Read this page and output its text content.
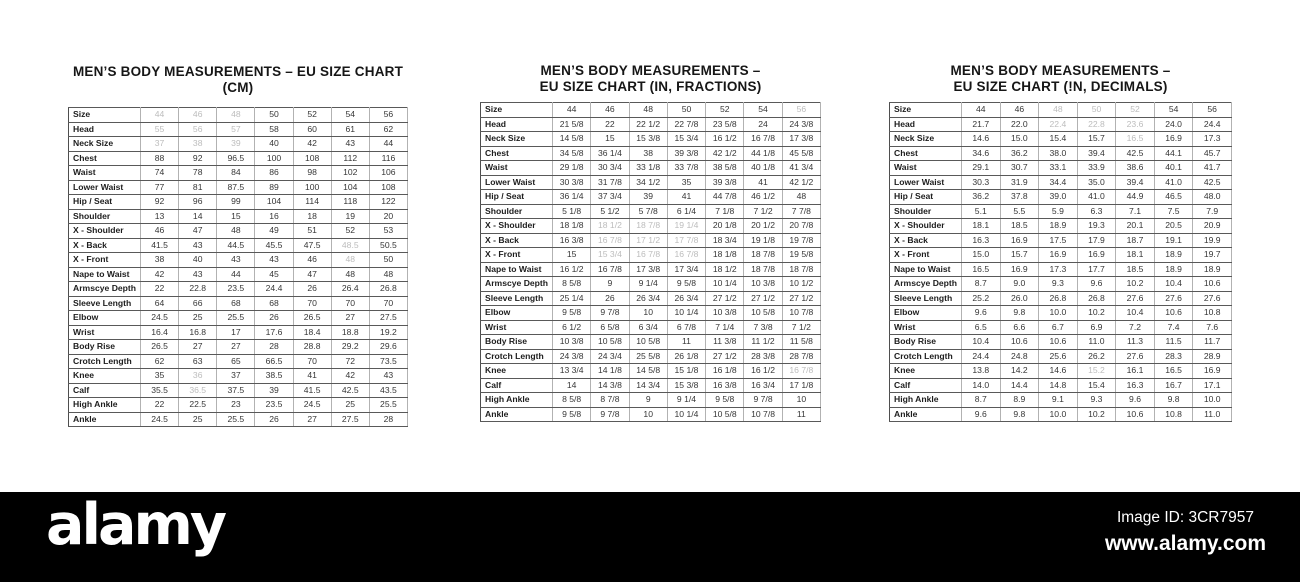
MEN’S BODY MEASUREMENTS – EU SIZE CHART (CM)
Size	44	46	48	50	52	54	56
Head	55	56	57	58	60	61	62
Neck Size	37	38	39	40	42	43	44
Chest	88	92	96.5	100	108	112	116
Waist	74	78	84	86	98	102	106
Lower Waist	77	81	87.5	89	100	104	108
Hip / Seat	92	96	99	104	114	118	122
Shoulder	13	14	15	16	18	19	20
X - Shoulder	46	47	48	49	51	52	53
X - Back	41.5	43	44.5	45.5	47.5	48.5	50.5
X - Front	38	40	43	43	46	48	50
Nape to Waist	42	43	44	45	47	48	48
Armscye Depth	22	22.8	23.5	24.4	26	26.4	26.8
Sleeve Length	64	66	68	68	70	70	70
Elbow	24.5	25	25.5	26	26.5	27	27.5
Wrist	16.4	16.8	17	17.6	18.4	18.8	19.2
Body Rise	26.5	27	27	28	28.8	29.2	29.6
Crotch Length	62	63	65	66.5	70	72	73.5
Knee	35	36	37	38.5	41	42	43
Calf	35.5	36.5	37.5	39	41.5	42.5	43.5
High Ankle	22	22.5	23	23.5	24.5	25	25.5
Ankle	24.5	25	25.5	26	27	27.5	28
MEN’S BODY MEASUREMENTS –
EU SIZE CHART (IN, FRACTIONS)
Size	44	46	48	50	52	54	56
Head	21 5/8	22	22 1/2	22 7/8	23 5/8	24	24 3/8
Neck Size	14 5/8	15	15 3/8	15 3/4	16 1/2	16 7/8	17 3/8
Chest	34 5/8	36 1/4	38	39 3/8	42 1/2	44 1/8	45 5/8
Waist	29 1/8	30 3/4	33 1/8	33 7/8	38 5/8	40 1/8	41 3/4
Lower Waist	30 3/8	31 7/8	34 1/2	35	39 3/8	41	42 1/2
Hip / Seat	36 1/4	37 3/4	39	41	44 7/8	46 1/2	48
Shoulder	5 1/8	5 1/2	5 7/8	6 1/4	7 1/8	7 1/2	7 7/8
X - Shoulder	18 1/8	18 1/2	18 7/8	19 1/4	20 1/8	20 1/2	20 7/8
X - Back	16 3/8	16 7/8	17 1/2	17 7/8	18 3/4	19 1/8	19 7/8
X - Front	15	15 3/4	16 7/8	16 7/8	18 1/8	18 7/8	19 5/8
Nape to Waist	16 1/2	16 7/8	17 3/8	17 3/4	18 1/2	18 7/8	18 7/8
Armscye Depth	8 5/8	9	9 1/4	9 5/8	10 1/4	10 3/8	10 1/2
Sleeve Length	25 1/4	26	26 3/4	26 3/4	27 1/2	27 1/2	27 1/2
Elbow	9 5/8	9 7/8	10	10 1/4	10 3/8	10 5/8	10 7/8
Wrist	6 1/2	6 5/8	6 3/4	6 7/8	7 1/4	7 3/8	7 1/2
Body Rise	10 3/8	10 5/8	10 5/8	11	11 3/8	11 1/2	11 5/8
Crotch Length	24 3/8	24 3/4	25 5/8	26 1/8	27 1/2	28 3/8	28 7/8
Knee	13 3/4	14 1/8	14 5/8	15 1/8	16 1/8	16 1/2	16 7/8
Calf	14	14 3/8	14 3/4	15 3/8	16 3/8	16 3/4	17 1/8
High Ankle	8 5/8	8 7/8	9	9 1/4	9 5/8	9 7/8	10
Ankle	9 5/8	9 7/8	10	10 1/4	10 5/8	10 7/8	11
MEN’S BODY MEASUREMENTS –
EU SIZE CHART (!N, DECIMALS)
Size	44	46	48	50	52	54	56
Head	21.7	22.0	22.4	22.8	23.6	24.0	24.4
Neck Size	14.6	15.0	15.4	15.7	16.5	16.9	17.3
Chest	34.6	36.2	38.0	39.4	42.5	44.1	45.7
Waist	29.1	30.7	33.1	33.9	38.6	40.1	41.7
Lower Waist	30.3	31.9	34.4	35.0	39.4	41.0	42.5
Hip / Seat	36.2	37.8	39.0	41.0	44.9	46.5	48.0
Shoulder	5.1	5.5	5.9	6.3	7.1	7.5	7.9
X - Shoulder	18.1	18.5	18.9	19.3	20.1	20.5	20.9
X - Back	16.3	16.9	17.5	17.9	18.7	19.1	19.9
X - Front	15.0	15.7	16.9	16.9	18.1	18.9	19.7
Nape to Waist	16.5	16.9	17.3	17.7	18.5	18.9	18.9
Armscye Depth	8.7	9.0	9.3	9.6	10.2	10.4	10.6
Sleeve Length	25.2	26.0	26.8	26.8	27.6	27.6	27.6
Elbow	9.6	9.8	10.0	10.2	10.4	10.6	10.8
Wrist	6.5	6.6	6.7	6.9	7.2	7.4	7.6
Body Rise	10.4	10.6	10.6	11.0	11.3	11.5	11.7
Crotch Length	24.4	24.8	25.6	26.2	27.6	28.3	28.9
Knee	13.8	14.2	14.6	15.2	16.1	16.5	16.9
Calf	14.0	14.4	14.8	15.4	16.3	16.7	17.1
High Ankle	8.7	8.9	9.1	9.3	9.6	9.8	10.0
Ankle	9.6	9.8	10.0	10.2	10.6	10.8	11.0
alamy	Image ID: 3CR7957
www.alamy.com
